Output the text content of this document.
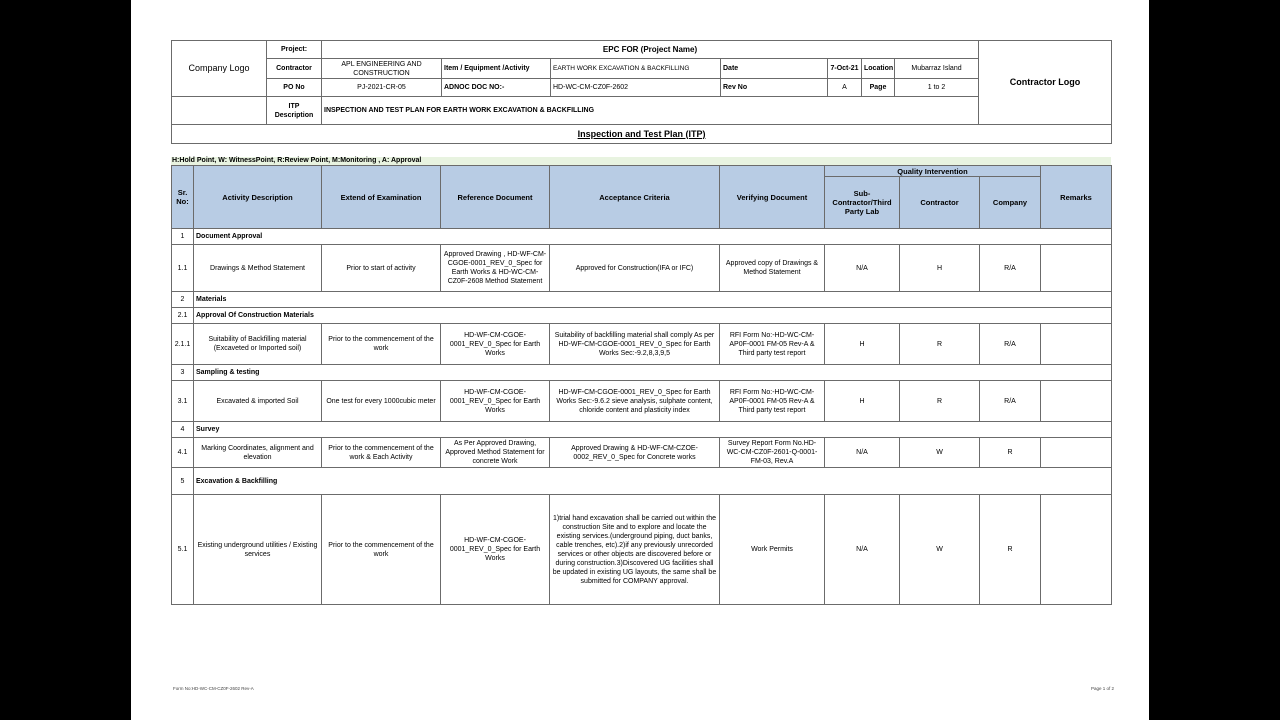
Company Logo	Project:	EPC FOR (Project Name)							Contractor Logo
	Contractor	APL ENGINEERING AND CONSTRUCTION	Item / Equipment /Activity	EARTH WORK EXCAVATION & BACKFILLING	Date	7-Oct-21	Location	Mubarraz Island	
	PO No	PJ-2021-CR-05	ADNOC DOC NO:-	HD-WC-CM-CZ0F-2602	Rev No	A	Page	1 to 2	
	ITP Description	INSPECTION AND TEST PLAN FOR EARTH WORK EXCAVATION & BACKFILLING							
Inspection and Test Plan (ITP)									
H:Hold Point, W: WitnessPoint, R:Review Point, M:Monitoring , A: Approval
Sr. No:	Activity Description	Extend of Examination	Reference Document	Acceptance Criteria	Verifying Document	Quality Intervention			Remarks
						Sub-Contractor/Third Party Lab	Contractor	Company	
1	Document Approval								
1.1	Drawings & Method Statement	Prior to start of activity	Approved Drawing , HD-WF-CM-CGOE-0001_REV_0_Spec for Earth Works & HD-WC-CM-CZ0F-2608 Method Statement	Approved for Construction(IFA or IFC)	Approved copy of Drawings & Method Statement	N/A	H	R/A	
2	Materials								
2.1	Approval Of Construction Materials								
2.1.1	Suitability of Backfilling material (Excaveted or Imported soil)	Prior to the commencement of the work	HD-WF-CM-CGOE-0001_REV_0_Spec for Earth Works	Suitability of backfilling material shall comply As per HD-WF-CM-CGOE-0001_REV_0_Spec for Earth Works Sec:-9.2,8,3,9,5	RFI Form No:-HD-WC-CM-AP0F-0001 FM-05 Rev-A & Third party test report	H	R	R/A	
3	Sampling & testing								
3.1	Excavated & imported Soil	One test for every 1000cubic meter	HD-WF-CM-CGOE-0001_REV_0_Spec for Earth Works	HD-WF-CM-CGOE-0001_REV_0_Spec for Earth Works Sec:-9.6.2 sieve analysis, sulphate content, chloride content and plasticity index	RFI Form No:-HD-WC-CM-AP0F-0001 FM-05 Rev-A & Third party test report	H	R	R/A	
4	Survey								
4.1	Marking Coordinates, alignment and elevation	Prior to the commencement of the work & Each Activity	As Per Approved Drawing, Approved Method Statement for concrete Work	Approved Drawing & HD-WF-CM-CZOE-0002_REV_0_Spec for Concrete works	Survey Report Form No.HD-WC-CM-CZ0F-2601-Q-0001-FM-03, Rev.A	N/A	W	R	
5	Excavation & Backfilling								
5.1	Existing underground utilities / Existing services	Prior to the commencement of the work	HD-WF-CM-CGOE-0001_REV_0_Spec for Earth Works	1)trial hand excavation shall be carried out within the construction Site and to explore and locate the existing services.(underground piping, duct banks, cable trenches, etc).2)if any previously unrecorded services or other objects are discovered before or during construction.3)Discovered UG facilities shall be updated in existing UG layouts, the same shall be submitted for COMPANY approval.	Work Permits	N/A	W	R	
Form No:HD-WC-CM-CZ0F-2602 Rev-A	Page 1 of 2
